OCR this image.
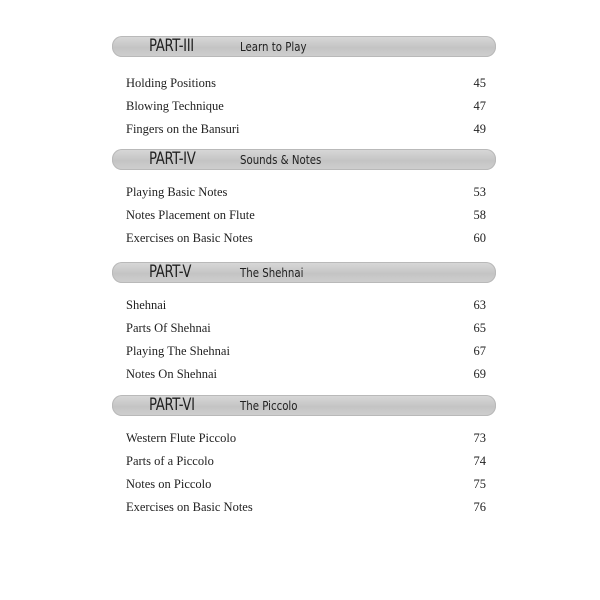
PART-III	Learn to Play
Holding Positions	45
Blowing Technique	47
Fingers on the Bansuri	49
PART-IV	Sounds & Notes
Playing Basic Notes	53
Notes Placement on Flute	58
Exercises on Basic Notes	60
PART-V	The Shehnai
Shehnai	63
Parts Of Shehnai	65
Playing The Shehnai	67
Notes On Shehnai	69
PART-VI	The Piccolo
Western Flute Piccolo	73
Parts of a Piccolo	74
Notes on Piccolo	75
Exercises on Basic Notes	76
